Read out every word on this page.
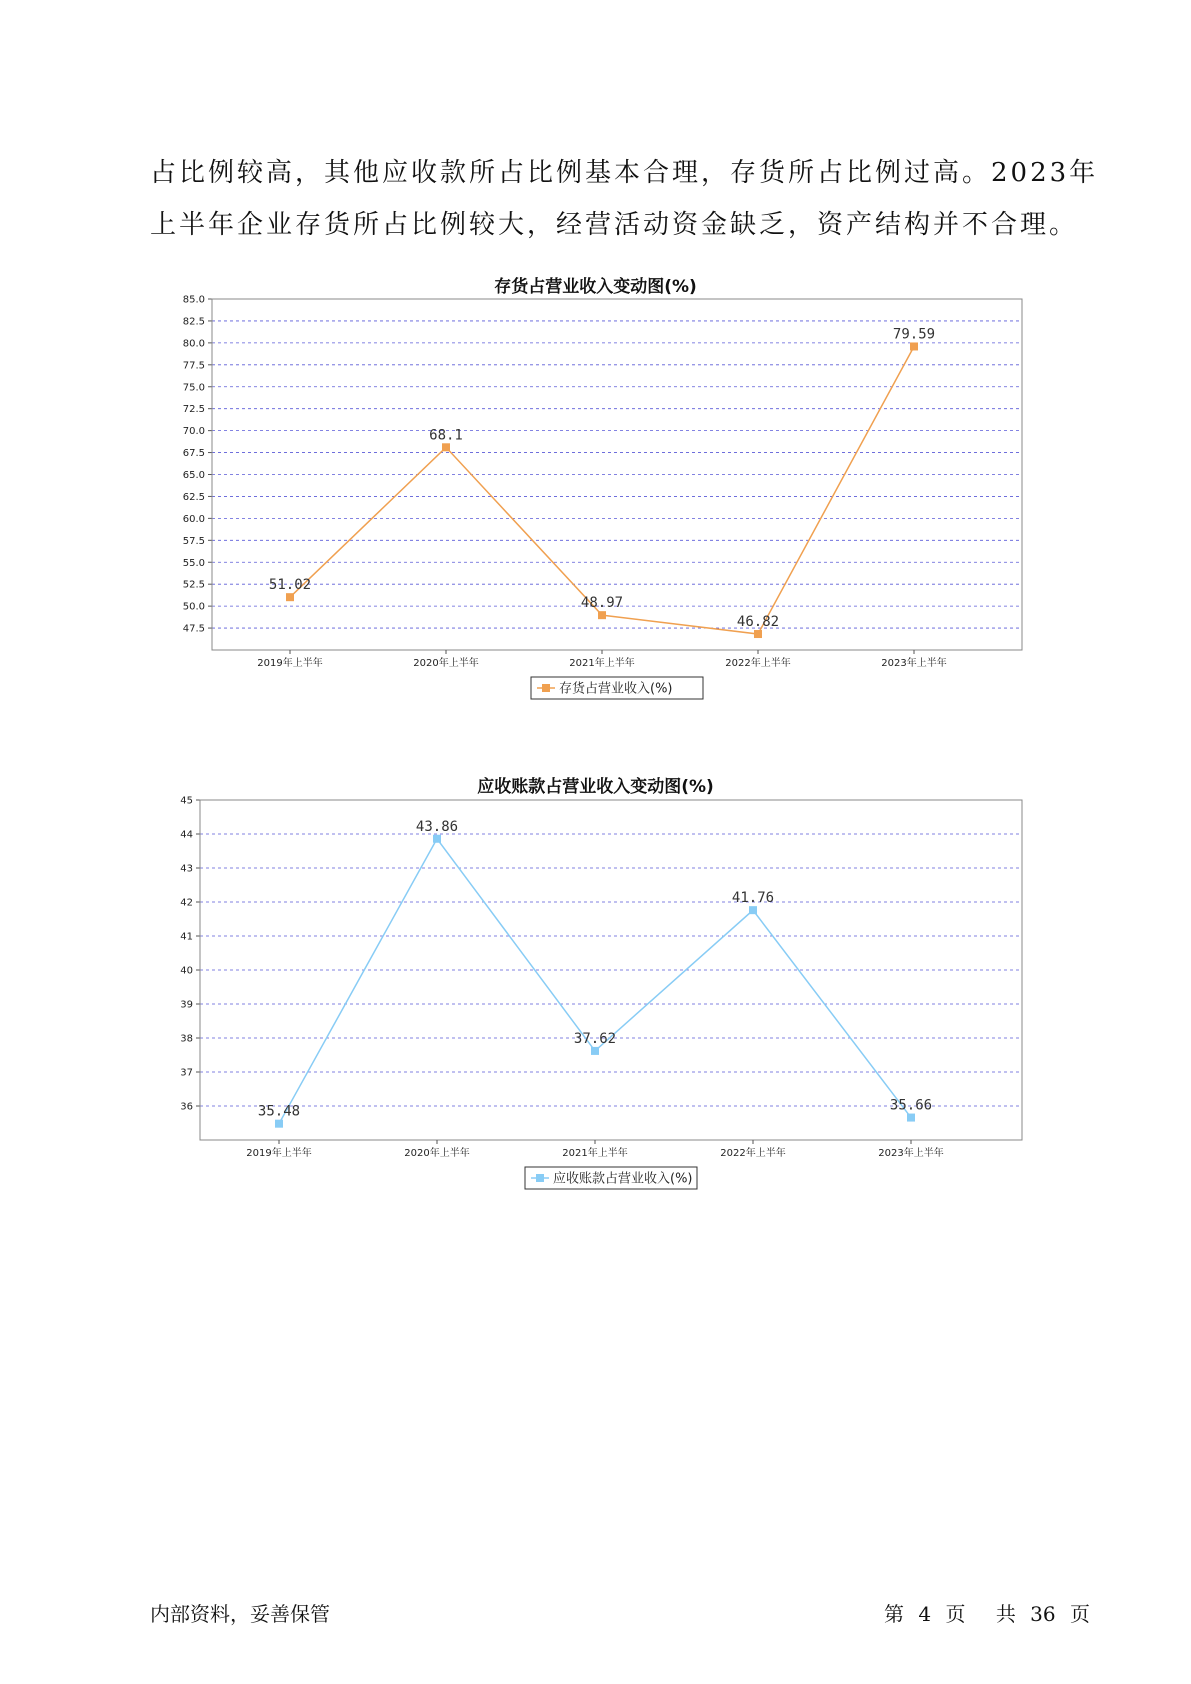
占比例较高，其他应收款所占比例基本合理，存货所占比例过高。2023年
上半年企业存货所占比例较大，经营活动资金缺乏，资产结构并不合理。
存货占营业收入变动图(%)
47.5
50.0
52.5
55.0
57.5
60.0
62.5
65.0
67.5
70.0
72.5
75.0
77.5
80.0
82.5
85.0
2019年上半年	2020年上半年	2021年上半年	2022年上半年	2023年上半年
51.02
68.1
48.97
46.82
79.59
存货占营业收入(%)
应收账款占营业收入变动图(%)
36
37
38
39
40
41
42
43
44
45
2019年上半年	2020年上半年	2021年上半年	2022年上半年	2023年上半年
35.48
43.86
37.62
41.76
35.66
应收账款占营业收入(%)
内部资料，妥善保管	第 4 页 共 36 页
